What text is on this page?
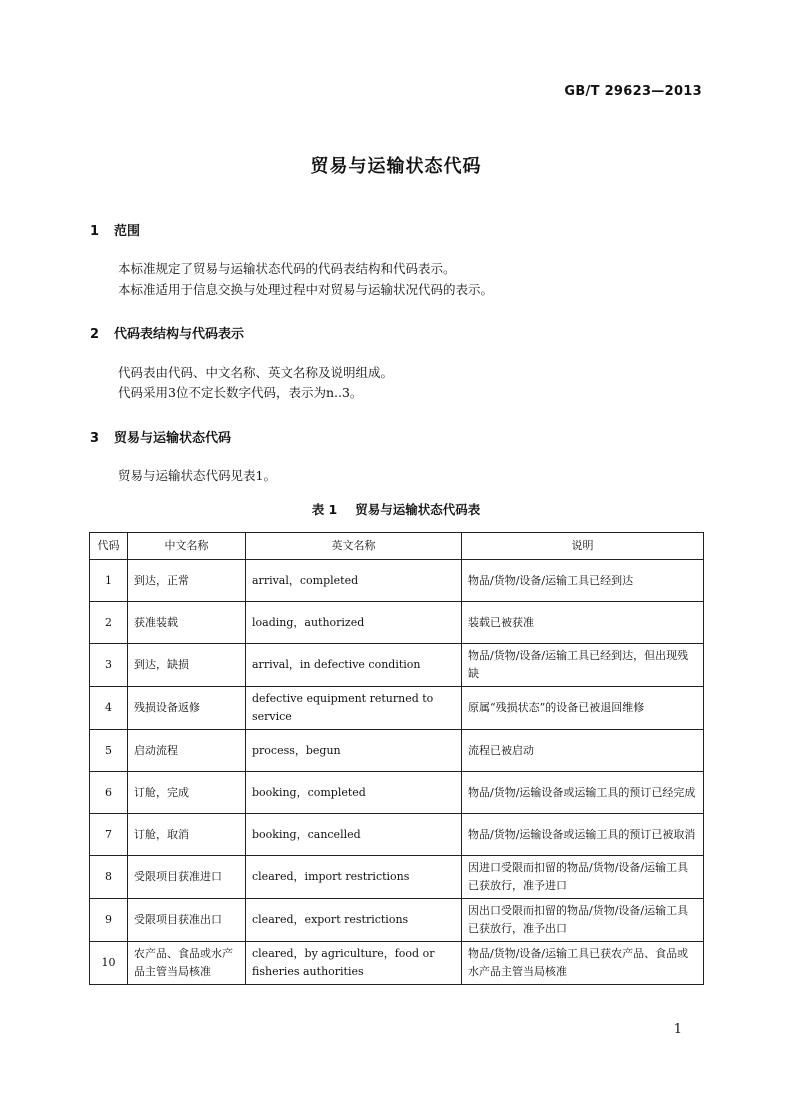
GB/T 29623—2013
贸易与运输状态代码
1 范围
本标准规定了贸易与运输状态代码的代码表结构和代码表示。
本标准适用于信息交换与处理过程中对贸易与运输状况代码的表示。
2 代码表结构与代码表示
代码表由代码、中文名称、英文名称及说明组成。
代码采用3位不定长数字代码，表示为n..3。
3 贸易与运输状态代码
贸易与运输状态代码见表1。
表 1 贸易与运输状态代码表
代码	中文名称	英文名称	说明
1	到达，正常	arrival，completed	物品/货物/设备/运输工具已经到达
2	获准装载	loading，authorized	装载已被获准
3	到达，缺损	arrival，in defective condition	物品/货物/设备/运输工具已经到达，但出现残缺
4	残损设备返修	defective equipment returned to service	原属“残损状态”的设备已被退回维修
5	启动流程	process，begun	流程已被启动
6	订舱，完成	booking，completed	物品/货物/运输设备或运输工具的预订已经完成
7	订舱，取消	booking，cancelled	物品/货物/运输设备或运输工具的预订已被取消
8	受限项目获准进口	cleared，import restrictions	因进口受限而扣留的物品/货物/设备/运输工具已获放行，准予进口
9	受限项目获准出口	cleared，export restrictions	因出口受限而扣留的物品/货物/设备/运输工具已获放行，准予出口
10	农产品、食品或水产品主管当局核准	cleared，by agriculture，food or fisheries authorities	物品/货物/设备/运输工具已获农产品、食品或水产品主管当局核准
1
